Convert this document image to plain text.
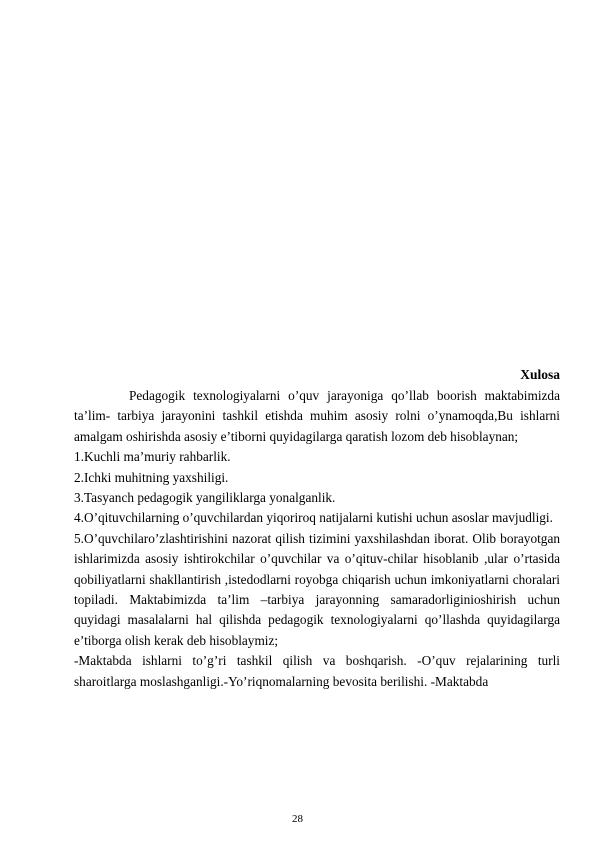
Xulosa

Pedagogik texnologiyalarni o’quv jarayoniga qo’llab boorish maktabimizda ta’lim- tarbiya jarayonini tashkil etishda muhim asosiy rolni o’ynamoqda,Bu ishlarni amalgam oshirishda asosiy e’tiborni quyidagilarga qaratish lozom deb hisoblaynan;

1.Kuchli ma’muriy rahbarlik.

2.Ichki muhitning yaxshiligi.

3.Tasyanch pedagogik yangiliklarga yonalganlik.

4.O’qituvchilarning o’quvchilardan yiqoriroq natijalarni kutishi uchun asoslar mavjudligi.

5.O’quvchilaro’zlashtirishini nazorat qilish tizimini yaxshilashdan iborat. Olib borayotgan ishlarimizda asosiy ishtirokchilar o’quvchilar va o’qituv-chilar hisoblanib ,ular o’rtasida qobiliyatlarni shakllantirish ,istedodlarni royobga chiqarish uchun imkoniyatlarni choralari topiladi. Maktabimizda ta’lim –tarbiya jarayonning samaradorliginioshirish uchun quyidagi masalalarni hal qilishda pedagogik texnologiyalarni qo’llashda quyidagilarga e’tiborga olish kerak deb hisoblaymiz;

-Maktabda ishlarni to’g’ri tashkil qilish va boshqarish. -O’quv rejalarining turli sharoitlarga moslashganligi.-Yo’riqnomalarning bevosita berilishi. -Maktabda

28
